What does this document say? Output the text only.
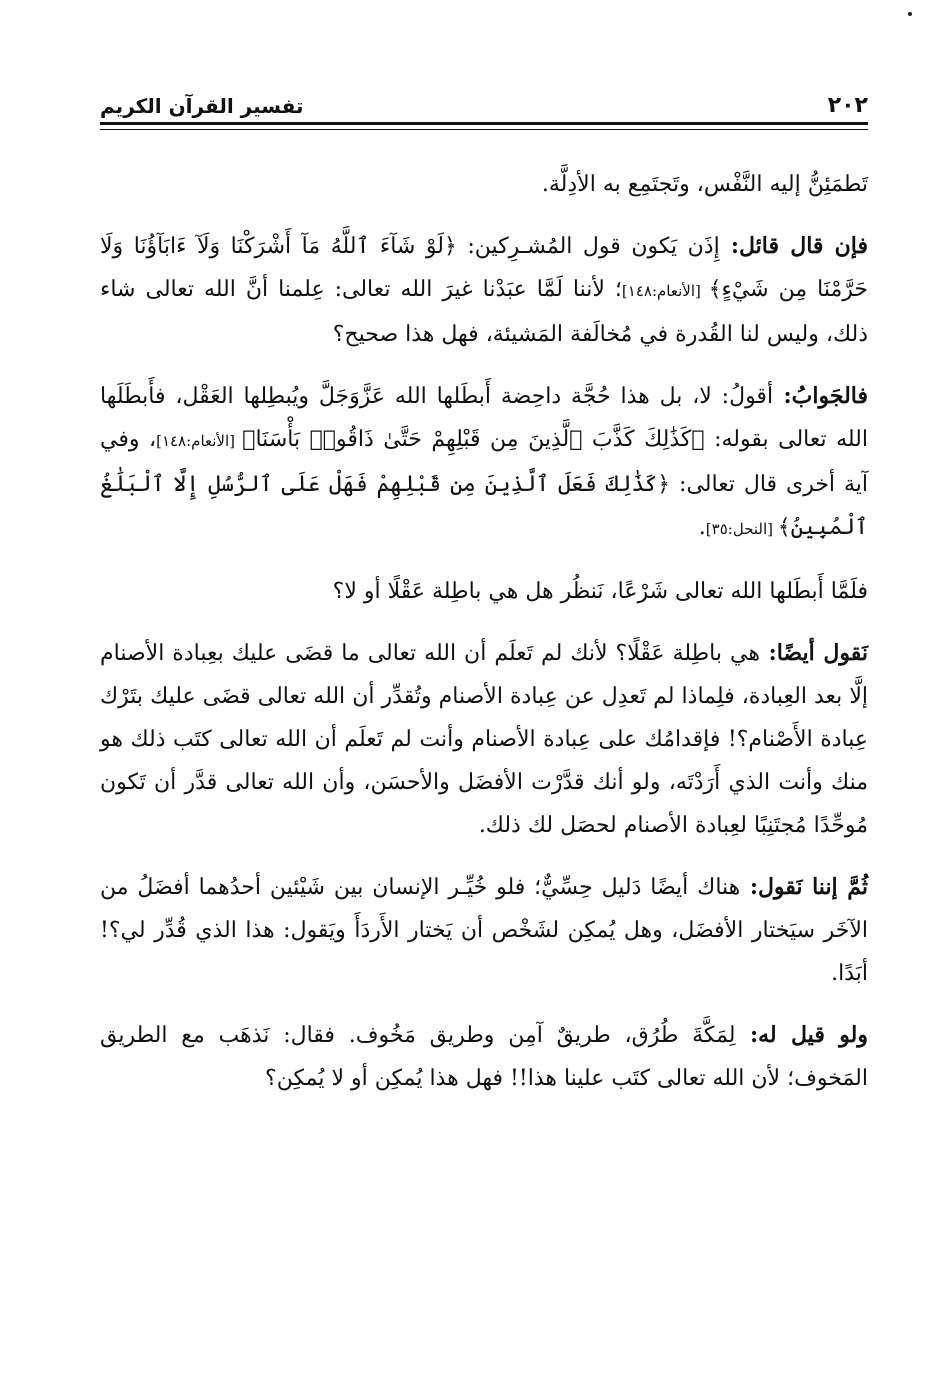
٢٠٢
تفسير القرآن الكريم

تَطمَئِنُّ إليه النَّفْس، وتَجتَمِع به الأدِلَّة.

فإن قال قائل: إِذَن يَكون قول المُشـرِكين: ﴿لَوْ شَآءَ ٱللَّهُ مَآ أَشْرَكْنَا وَلَآ ءَابَآؤُنَا وَلَا حَرَّمْنَا مِن شَيْءٍ﴾ [الأنعام:١٤٨]؛ لأننا لَمَّا عبَدْنا غيرَ الله تعالى: عِلمنا أنَّ الله تعالى شاء ذلك، وليس لنا القُدرة في مُخالَفة المَشيئة، فهل هذا صحيح؟

فالجَوابُ: أقولُ: لا، بل هذا حُجَّة داحِضة أَبطَلها الله عَزَّوَجَلَّ ويُبطِلها العَقْل، فأَبطَلَها الله تعالى بقوله: ﴿كَذَٰلِكَ كَذَّبَ ٱلَّذِينَ مِن قَبْلِهِمْ حَتَّىٰ ذَاقُوا۟ بَأْسَنَا﴾ [الأنعام:١٤٨]، وفي آية أخرى قال تعالى: ﴿كَذَٰلِكَ فَعَلَ ٱلَّذِينَ مِن قَبْلِهِمْ فَهَلْ عَلَى ٱلرُّسُلِ إِلَّا ٱلْبَلَٰغُ ٱلْمُبِينُ﴾ [النحل:٣٥].

فلَمَّا أَبطَلها الله تعالى شَرْعًا، نَنظُر هل هي باطِلة عَقْلًا أو لا؟

نَقول أيضًا: هي باطِلة عَقْلًا؟ لأنك لم تَعلَم أن الله تعالى ما قضَى عليك بعِبادة الأصنام إلَّا بعد العِبادة، فلِماذا لم تَعدِل عن عِبادة الأصنام وتُقدِّر أن الله تعالى قضَى عليك بتَرْك عِبادة الأَصْنام؟! فإقدامُك على عِبادة الأصنام وأنت لم تَعلَم أن الله تعالى كتَب ذلك هو منك وأنت الذي أَرَدْتَه، ولو أنك قدَّرْت الأفضَل والأحسَن، وأن الله تعالى قدَّر أن تَكون مُوحِّدًا مُجتَنِبًا لعِبادة الأصنام لحصَل لك ذلك.

ثُمَّ إننا نَقول: هناك أيضًا دَليل حِسِّيٌّ؛ فلو خُيِّـر الإنسان بين شَيْئين أحدُهما أفضَلُ من الآخَر سيَختار الأفضَل، وهل يُمكِن لشَخْص أن يَختار الأَردَأَ ويَقول: هذا الذي قُدِّر لي؟! أبَدًا.

ولو قيل له: لِمَكَّةَ طُرُق، طريقٌ آمِن وطريق مَخُوف. فقال: نَذهَب مع الطريق المَخوف؛ لأن الله تعالى كتَب علينا هذا!! فهل هذا يُمكِن أو لا يُمكِن؟
